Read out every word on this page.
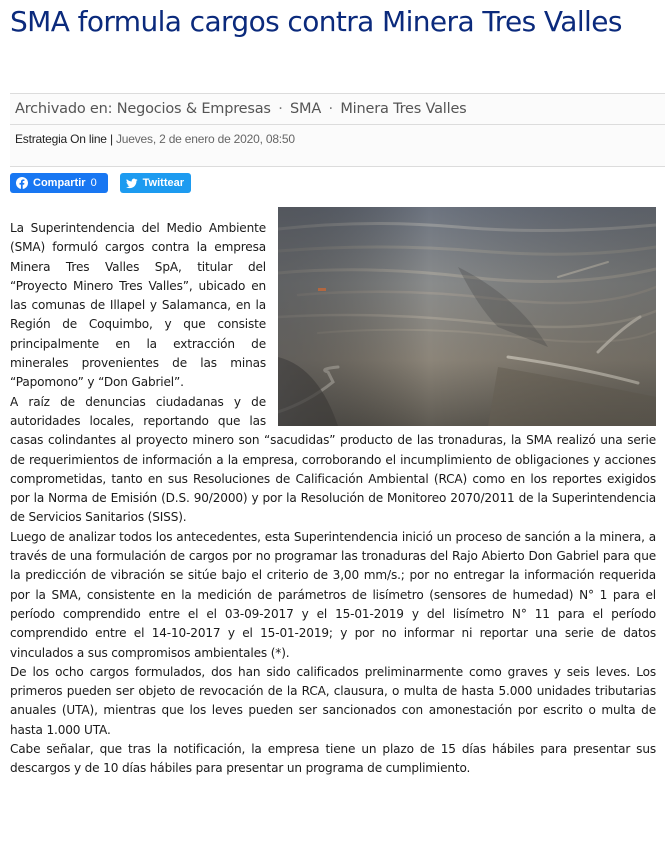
SMA formula cargos contra Minera Tres Valles
Archivado en: Negocios & Empresas · SMA · Minera Tres Valles
Estrategia On line | Jueves, 2 de enero de 2020, 08:50
Compartir 0	Twittear

La Superintendencia del Medio Ambiente (SMA) formuló cargos contra la empresa Minera Tres Valles SpA, titular del “Proyecto Minero Tres Valles”, ubicado en las comunas de Illapel y Salamanca, en la Región de Coquimbo, y que consiste principalmente en la extracción de minerales provenientes de las minas “Papomono” y “Don Gabriel”.

A raíz de denuncias ciudadanas y de autoridades locales, reportando que las casas colindantes al proyecto minero son “sacudidas” producto de las tronaduras, la SMA realizó una serie de requerimientos de información a la empresa, corroborando el incumplimiento de obligaciones y acciones comprometidas, tanto en sus Resoluciones de Calificación Ambiental (RCA) como en los reportes exigidos por la Norma de Emisión (D.S. 90/2000) y por la Resolución de Monitoreo 2070/2011 de la Superintendencia de Servicios Sanitarios (SISS).

Luego de analizar todos los antecedentes, esta Superintendencia inició un proceso de sanción a la minera, a través de una formulación de cargos por no programar las tronaduras del Rajo Abierto Don Gabriel para que la predicción de vibración se sitúe bajo el criterio de 3,00 mm/s.; por no entregar la información requerida por la SMA, consistente en la medición de parámetros de lisímetro (sensores de humedad) N° 1 para el período comprendido entre el el 03-09-2017 y el 15-01-2019 y del lisímetro N° 11 para el período comprendido entre el 14-10-2017 y el 15-01-2019; y por no informar ni reportar una serie de datos vinculados a sus compromisos ambientales (*).

De los ocho cargos formulados, dos han sido calificados preliminarmente como graves y seis leves. Los primeros pueden ser objeto de revocación de la RCA, clausura, o multa de hasta 5.000 unidades tributarias anuales (UTA), mientras que los leves pueden ser sancionados con amonestación por escrito o multa de hasta 1.000 UTA.

Cabe señalar, que tras la notificación, la empresa tiene un plazo de 15 días hábiles para presentar sus descargos y de 10 días hábiles para presentar un programa de cumplimiento.
